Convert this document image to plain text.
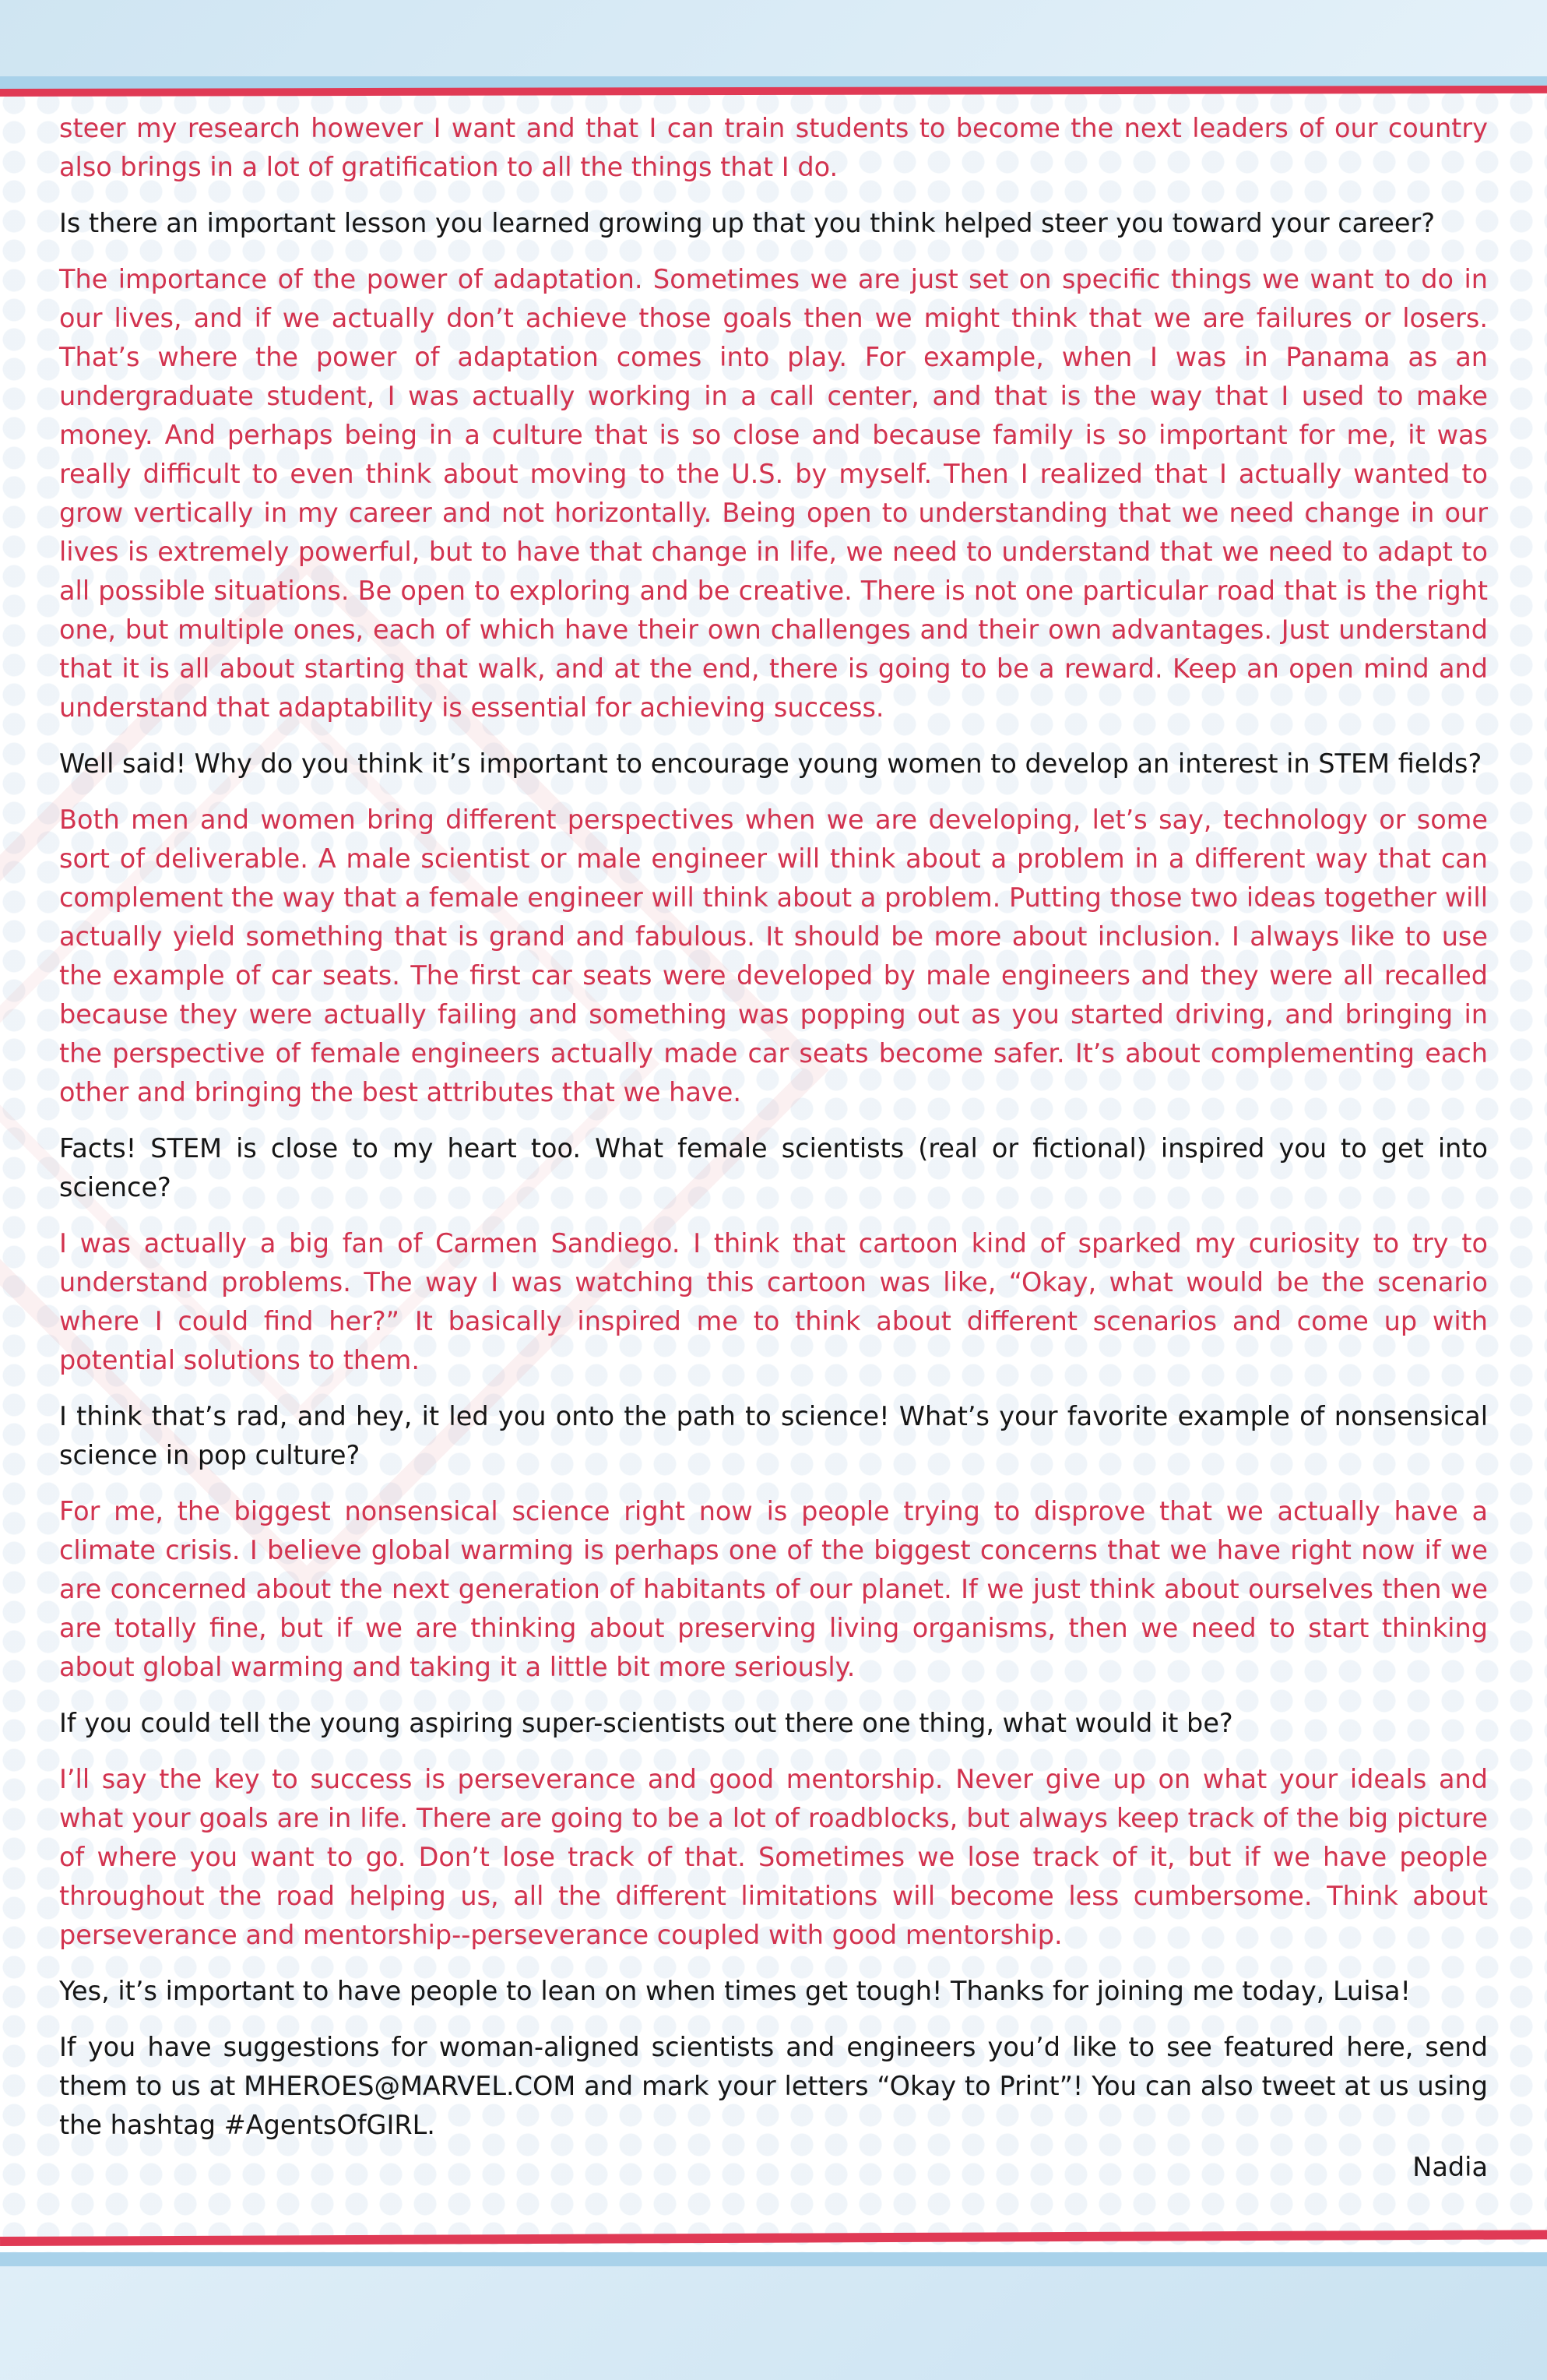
steer my research however I want and that I can train students to become the next leaders of our country also brings in a lot of gratification to all the things that I do.

Is there an important lesson you learned growing up that you think helped steer you toward your career?

The importance of the power of adaptation. Sometimes we are just set on specific things we want to do in our lives, and if we actually don’t achieve those goals then we might think that we are failures or losers. That’s where the power of adaptation comes into play. For example, when I was in Panama as an undergraduate student, I was actually working in a call center, and that is the way that I used to make money. And perhaps being in a culture that is so close and because family is so important for me, it was really difficult to even think about moving to the U.S. by myself. Then I realized that I actually wanted to grow vertically in my career and not horizontally. Being open to understanding that we need change in our lives is extremely powerful, but to have that change in life, we need to understand that we need to adapt to all possible situations. Be open to exploring and be creative. There is not one particular road that is the right one, but multiple ones, each of which have their own challenges and their own advantages. Just understand that it is all about starting that walk, and at the end, there is going to be a reward. Keep an open mind and understand that adaptability is essential for achieving success.

Well said! Why do you think it’s important to encourage young women to develop an interest in STEM fields?

Both men and women bring different perspectives when we are developing, let’s say, technology or some sort of deliverable. A male scientist or male engineer will think about a problem in a different way that can complement the way that a female engineer will think about a problem. Putting those two ideas together will actually yield something that is grand and fabulous. It should be more about inclusion. I always like to use the example of car seats. The first car seats were developed by male engineers and they were all recalled because they were actually failing and something was popping out as you started driving, and bringing in the perspective of female engineers actually made car seats become safer. It’s about complementing each other and bringing the best attributes that we have.

Facts! STEM is close to my heart too. What female scientists (real or fictional) inspired you to get into science?

I was actually a big fan of Carmen Sandiego. I think that cartoon kind of sparked my curiosity to try to understand problems. The way I was watching this cartoon was like, “Okay, what would be the scenario where I could find her?” It basically inspired me to think about different scenarios and come up with potential solutions to them.

I think that’s rad, and hey, it led you onto the path to science! What’s your favorite example of nonsensical science in pop culture?

For me, the biggest nonsensical science right now is people trying to disprove that we actually have a climate crisis. I believe global warming is perhaps one of the biggest concerns that we have right now if we are concerned about the next generation of habitants of our planet. If we just think about ourselves then we are totally fine, but if we are thinking about preserving living organisms, then we need to start thinking about global warming and taking it a little bit more seriously.

If you could tell the young aspiring super-scientists out there one thing, what would it be?

I’ll say the key to success is perseverance and good mentorship. Never give up on what your ideals and what your goals are in life. There are going to be a lot of roadblocks, but always keep track of the big picture of where you want to go. Don’t lose track of that. Sometimes we lose track of it, but if we have people throughout the road helping us, all the different limitations will become less cumbersome. Think about perseverance and mentorship--perseverance coupled with good mentorship.

Yes, it’s important to have people to lean on when times get tough! Thanks for joining me today, Luisa!

If you have suggestions for woman-aligned scientists and engineers you’d like to see featured here, send them to us at MHEROES@MARVEL.COM and mark your letters “Okay to Print”! You can also tweet at us using the hashtag #AgentsOfGIRL.

Nadia
